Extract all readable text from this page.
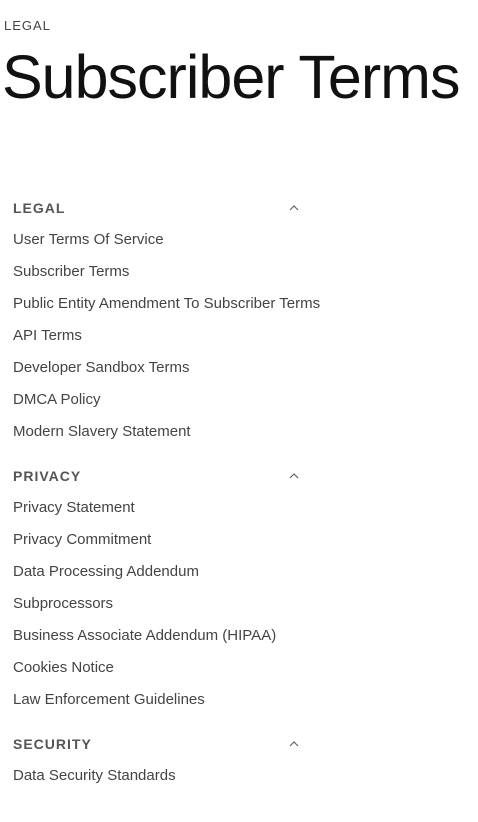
LEGAL
Subscriber Terms
LEGAL
User Terms Of Service
Subscriber Terms
Public Entity Amendment To Subscriber Terms
API Terms
Developer Sandbox Terms
DMCA Policy
Modern Slavery Statement
PRIVACY
Privacy Statement
Privacy Commitment
Data Processing Addendum
Subprocessors
Business Associate Addendum (HIPAA)
Cookies Notice
Law Enforcement Guidelines
SECURITY
Data Security Standards
